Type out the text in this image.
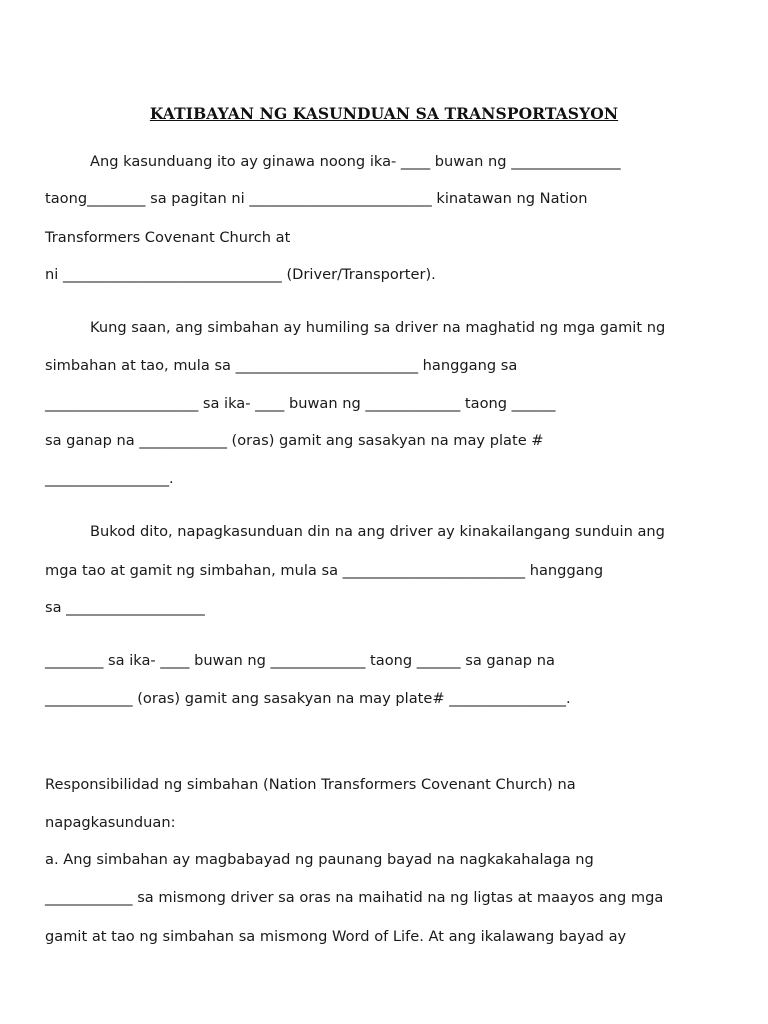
KATIBAYAN NG KASUNDUAN SA TRANSPORTASYON
Ang kasunduang ito ay ginawa noong ika- ____ buwan ng _______________
taong________ sa pagitan ni _________________________ kinatawan ng Nation
Transformers Covenant Church at
ni ______________________________ (Driver/Transporter).
Kung saan, ang simbahan ay humiling sa driver na maghatid ng mga gamit ng
simbahan at tao, mula sa _________________________ hanggang sa
_____________________ sa ika- ____ buwan ng _____________ taong ______
sa ganap na ____________ (oras) gamit ang sasakyan na may plate #
_________________.
Bukod dito, napagkasunduan din na ang driver ay kinakailangang sunduin ang
mga tao at gamit ng simbahan, mula sa _________________________ hanggang
sa ___________________
________ sa ika- ____ buwan ng _____________ taong ______ sa ganap na
____________ (oras) gamit ang sasakyan na may plate# ________________.
Responsibilidad ng simbahan (Nation Transformers Covenant Church) na
napagkasunduan:
a. Ang simbahan ay magbabayad ng paunang bayad na nagkakahalaga ng
____________ sa mismong driver sa oras na maihatid na ng ligtas at maayos ang mga
gamit at tao ng simbahan sa mismong Word of Life. At ang ikalawang bayad ay
